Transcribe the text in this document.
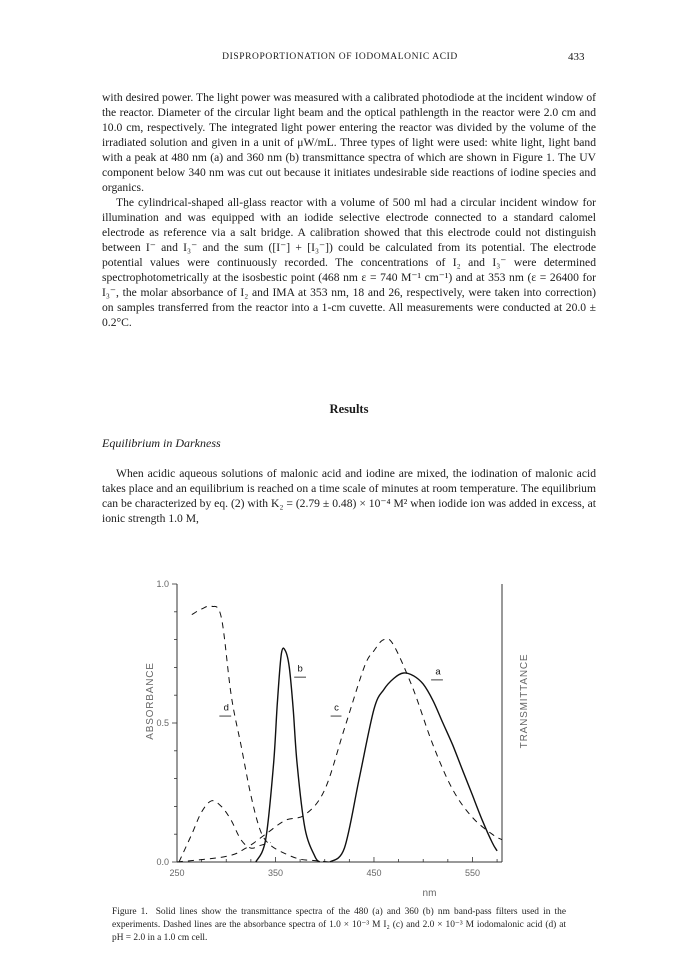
DISPROPORTIONATION OF IODOMALONIC ACID	433

with desired power. The light power was measured with a calibrated photodiode at the incident window of the reactor. Diameter of the circular light beam and the optical pathlength in the reactor were 2.0 cm and 10.0 cm, respectively. The integrated light power entering the reactor was divided by the volume of the irradiated solution and given in a unit of μW/mL. Three types of light were used: white light, light band with a peak at 480 nm (a) and 360 nm (b) transmittance spectra of which are shown in Figure 1. The UV component below 340 nm was cut out because it initiates undesirable side reactions of iodine species and organics.

The cylindrical-shaped all-glass reactor with a volume of 500 ml had a circular incident window for illumination and was equipped with an iodide selective electrode connected to a standard calomel electrode as reference via a salt bridge. A calibration showed that this electrode could not distinguish between I⁻ and I₃⁻ and the sum ([I⁻] + [I₃⁻]) could be calculated from its potential. The electrode potential values were continuously recorded. The concentrations of I₂ and I₃⁻ were determined spectrophotometrically at the isosbestic point (468 nm ε = 740 M⁻¹ cm⁻¹) and at 353 nm (ε = 26400 for I₃⁻, the molar absorbance of I₂ and IMA at 353 nm, 18 and 26, respectively, were taken into correction) on samples transferred from the reactor into a 1-cm cuvette. All measurements were conducted at 20.0 ± 0.2°C.

Results
Equilibrium in Darkness

When acidic aqueous solutions of malonic acid and iodine are mixed, the iodination of malonic acid takes place and an equilibrium is reached on a time scale of minutes at room temperature. The equilibrium can be characterized by eq. (2) with K₂ = (2.79 ± 0.48) × 10⁻⁴ M² when iodide ion was added in excess, at ionic strength 1.0 M,

250	350	450	550
0.0
0.5
1.0
ABSORBANCE	TRANSMITTANCE
nm
a
b
c
d
Figure 1. Solid lines show the transmittance spectra of the 480 (a) and 360 (b) nm band-pass filters used in the experiments. Dashed lines are the absorbance spectra of 1.0 × 10⁻³ M I₂ (c) and 2.0 × 10⁻³ M iodomalonic acid (d) at pH = 2.0 in a 1.0 cm cell.
